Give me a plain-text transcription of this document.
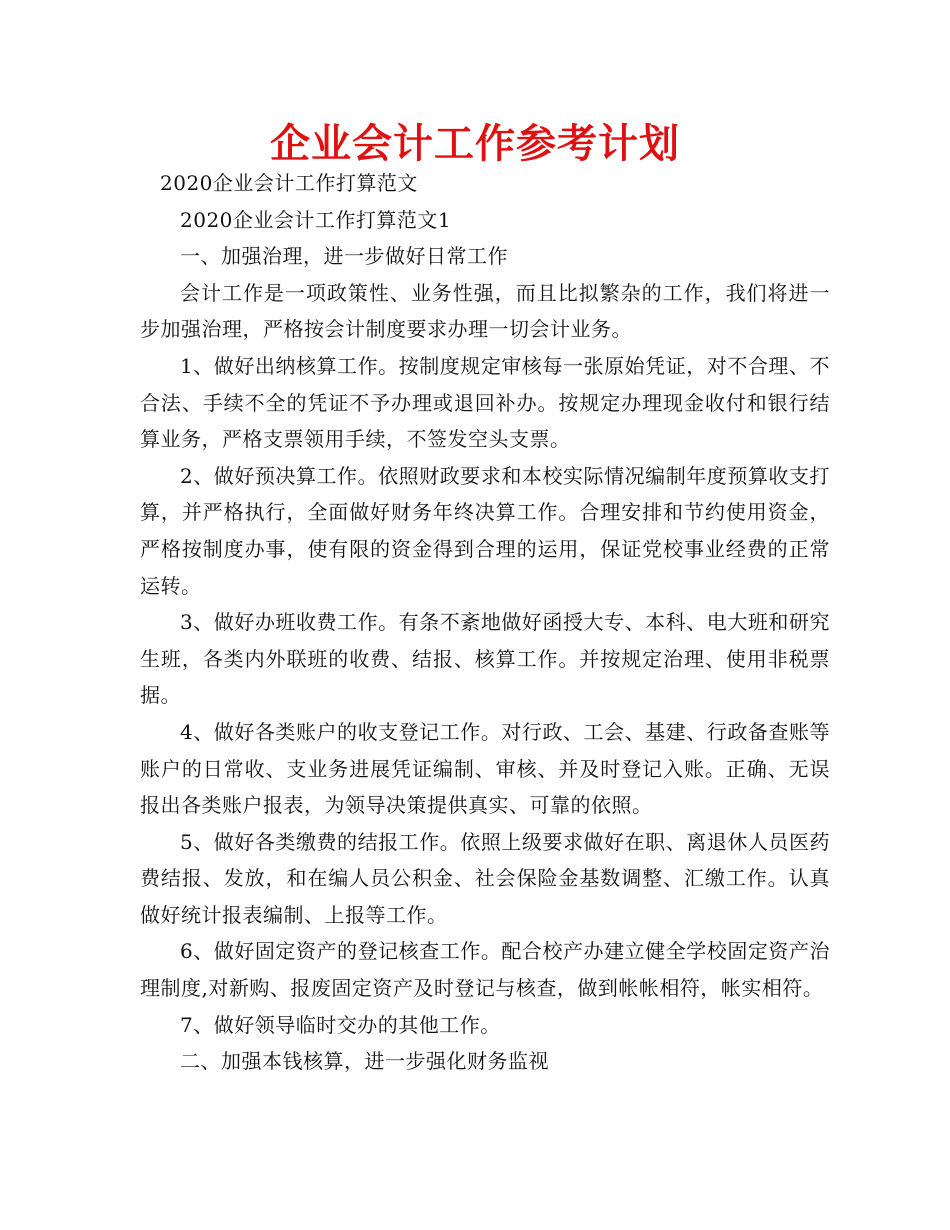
企业会计工作参考计划

2020企业会计工作打算范文

2020企业会计工作打算范文1

一、加强治理，进一步做好日常工作

会计工作是一项政策性、业务性强，而且比拟繁杂的工作，我们将进一步加强治理，严格按会计制度要求办理一切会计业务。

1、做好出纳核算工作。按制度规定审核每一张原始凭证，对不合理、不合法、手续不全的凭证不予办理或退回补办。按规定办理现金收付和银行结算业务，严格支票领用手续，不签发空头支票。

2、做好预决算工作。依照财政要求和本校实际情况编制年度预算收支打算，并严格执行，全面做好财务年终决算工作。合理安排和节约使用资金，严格按制度办事，使有限的资金得到合理的运用，保证党校事业经费的正常运转。

3、做好办班收费工作。有条不紊地做好函授大专、本科、电大班和研究生班，各类内外联班的收费、结报、核算工作。并按规定治理、使用非税票据。

4、做好各类账户的收支登记工作。对行政、工会、基建、行政备查账等账户的日常收、支业务进展凭证编制、审核、并及时登记入账。正确、无误报出各类账户报表，为领导决策提供真实、可靠的依照。

5、做好各类缴费的结报工作。依照上级要求做好在职、离退休人员医药费结报、发放，和在编人员公积金、社会保险金基数调整、汇缴工作。认真做好统计报表编制、上报等工作。

6、做好固定资产的登记核查工作。配合校产办建立健全学校固定资产治理制度,对新购、报废固定资产及时登记与核查，做到帐帐相符，帐实相符。

7、做好领导临时交办的其他工作。

二、加强本钱核算，进一步强化财务监视
